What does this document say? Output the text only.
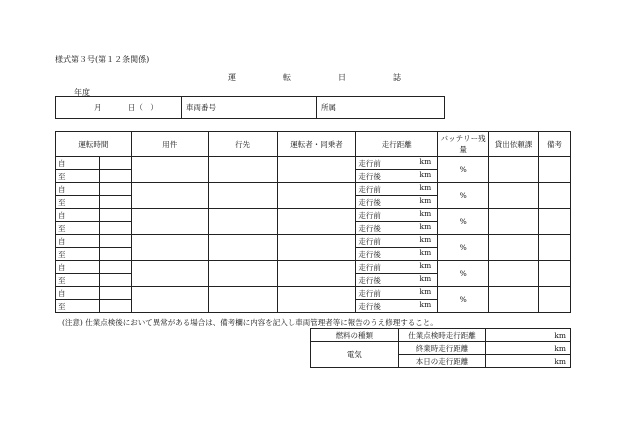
様式第３号(第１２条関係)
運	転	日	誌
年度
月	日（　）	車両番号	所属
運転時間		用件	行先	運転者・同乗者	走行距離	バッテリー残量	貸出依頼課	備考
自					走行前 km	%		
至					走行後 km			

自					走行前 km	%		
至					走行後 km			

自					走行前 km	%		
至					走行後 km			

自					走行前 km	%		
至					走行後 km			

自					走行前 km	%		
至					走行後 km			

自					走行前 km	%		
至					走行後 km			
(注意) 仕業点検後において異常がある場合は、備考欄に内容を記入し車両管理者等に報告のうえ修理すること。
燃料の種類	仕業点検時走行距離	km
電気	終業時走行距離	km
	本日の走行距離	km
